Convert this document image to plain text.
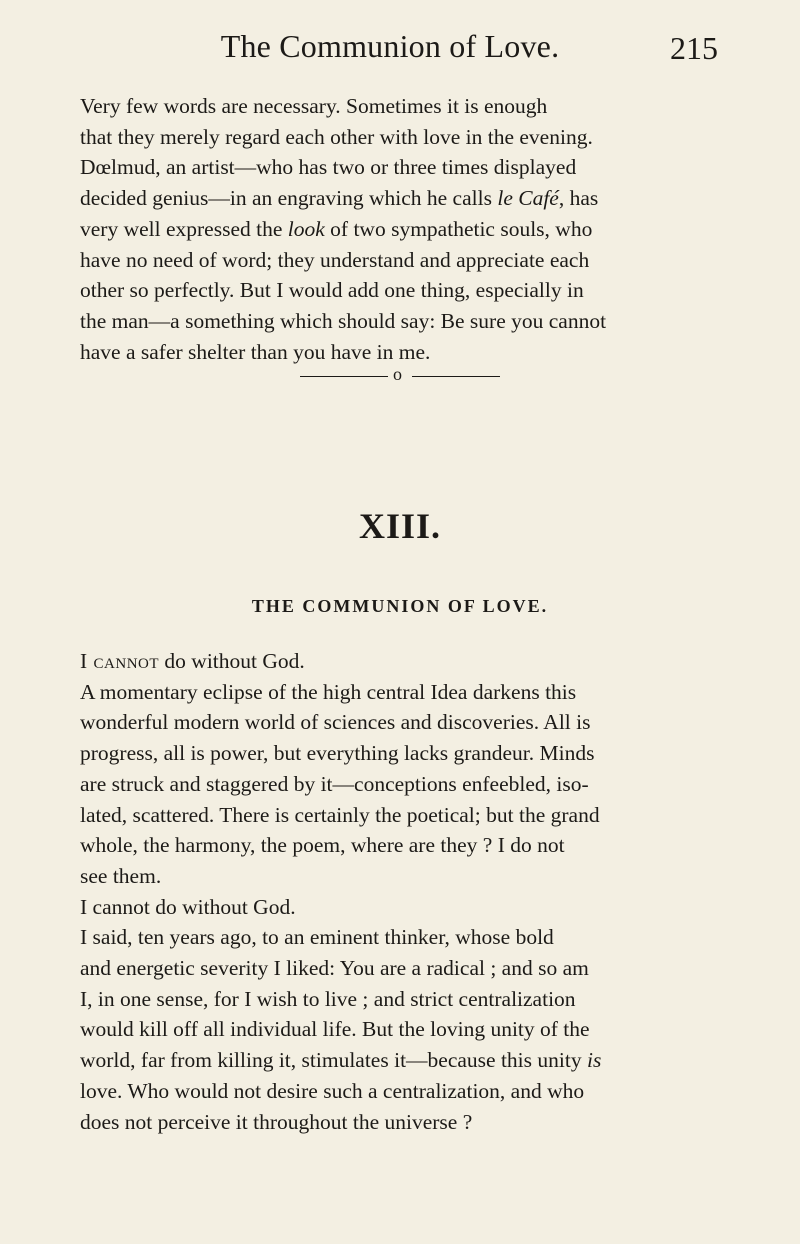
The Communion of Love.	215
Very few words are necessary. Sometimes it is enough
that they merely regard each other with love in the evening.
Dœlmud, an artist—who has two or three times displayed
decided genius—in an engraving which he calls le Café, has
very well expressed the look of two sympathetic souls, who
have no need of word; they understand and appreciate each
other so perfectly. But I would add one thing, especially in
the man—a something which should say: Be sure you cannot
have a safer shelter than you have in me.
o
XIII.
THE COMMUNION OF LOVE.
I cannot do without God.
A momentary eclipse of the high central Idea darkens this
wonderful modern world of sciences and discoveries. All is
progress, all is power, but everything lacks grandeur. Minds
are struck and staggered by it—conceptions enfeebled, iso-
lated, scattered. There is certainly the poetical; but the grand
whole, the harmony, the poem, where are they ? I do not
see them.
I cannot do without God.
I said, ten years ago, to an eminent thinker, whose bold
and energetic severity I liked: You are a radical ; and so am
I, in one sense, for I wish to live ; and strict centralization
would kill off all individual life. But the loving unity of the
world, far from killing it, stimulates it—because this unity is
love. Who would not desire such a centralization, and who
does not perceive it throughout the universe ?
